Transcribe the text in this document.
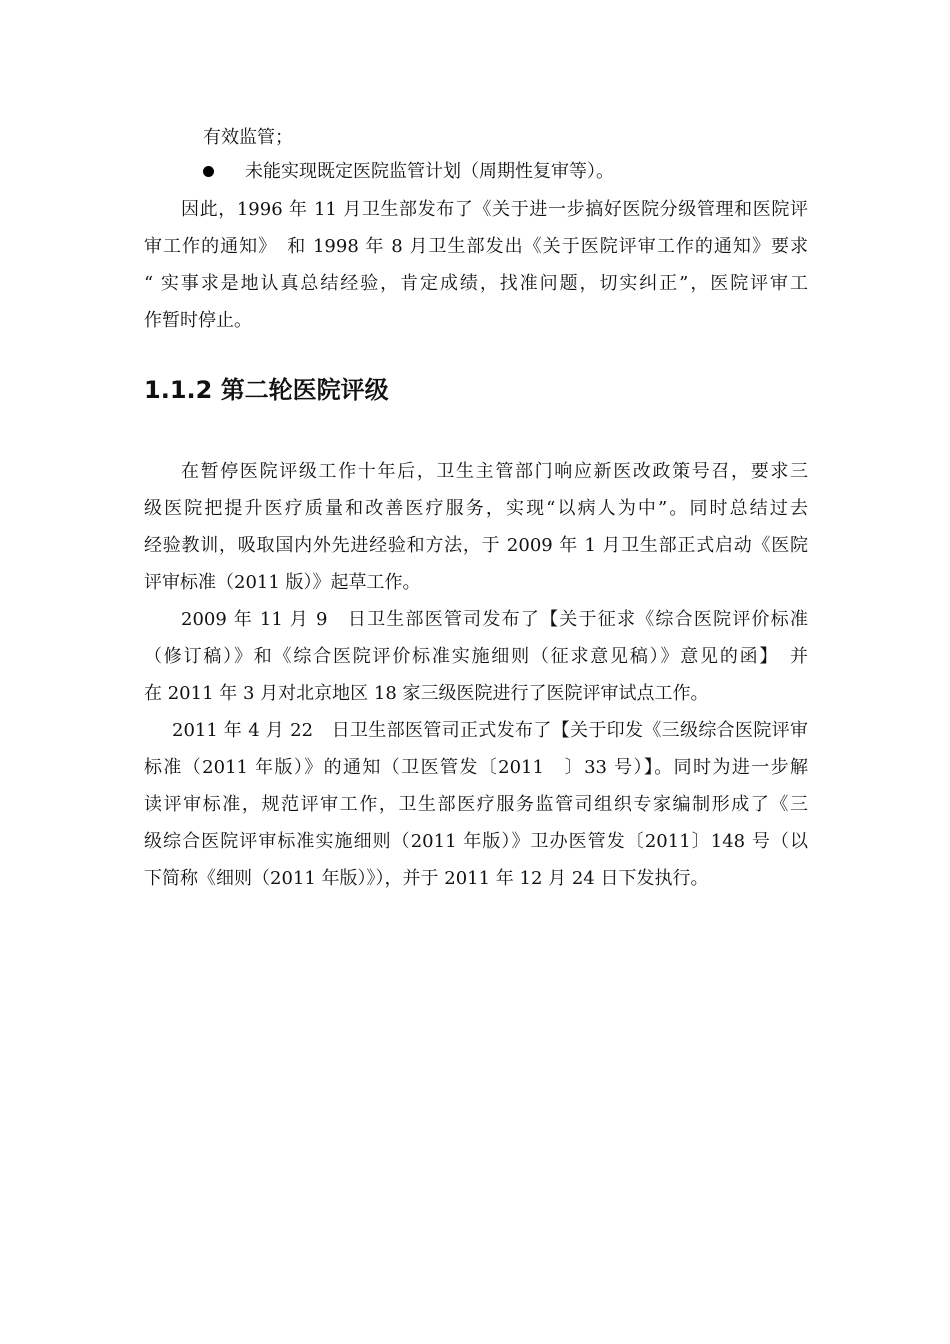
有效监管；
未能实现既定医院监管计划（周期性复审等）。
因此，1996 年 11 月卫生部发布了《关于进一步搞好医院分级管理和医院评
审工作的通知》　和 1998 年 8 月卫生部发出《关于医院评审工作的通知》要求
“ 实事求是地认真总结经验，肯定成绩，找准问题，切实纠正”，医院评审工
作暂时停止。
1.1.2 第二轮医院评级
在暂停医院评级工作十年后，卫生主管部门响应新医改政策号召，要求三
级医院把提升医疗质量和改善医疗服务，实现“以病人为中”。同时总结过去
经验教训，吸取国内外先进经验和方法，于 2009 年 1 月卫生部正式启动《医院
评审标准（2011 版）》起草工作。
2009 年 11 月 9　日卫生部医管司发布了【关于征求《综合医院评价标准
（修订稿）》和《综合医院评价标准实施细则（征求意见稿）》意见的函】　并
在 2011 年 3 月对北京地区 18 家三级医院进行了医院评审试点工作。
2011 年 4 月 22　日卫生部医管司正式发布了【关于印发《三级综合医院评审
标准（2011 年版）》的通知（卫医管发〔2011　〕33 号）】。同时为进一步解
读评审标准，规范评审工作，卫生部医疗服务监管司组织专家编制形成了《三
级综合医院评审标准实施细则（2011 年版）》卫办医管发〔2011〕148 号（以
下简称《细则（2011 年版）》），并于 2011 年 12 月 24 日下发执行。
